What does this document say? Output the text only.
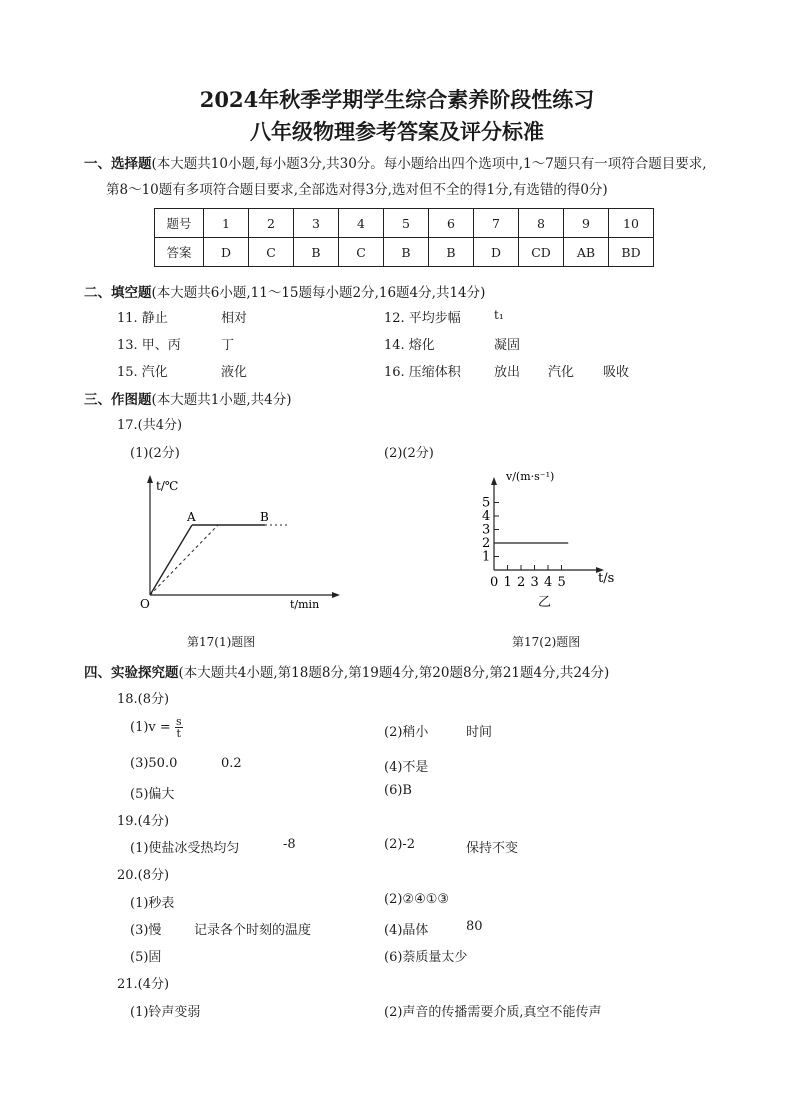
2024年秋季学期学生综合素养阶段性练习
八年级物理参考答案及评分标准
一、选择题(本大题共10小题,每小题3分,共30分。每小题给出四个选项中,1～7题只有一项符合题目要求,
第8～10题有多项符合题目要求,全部选对得3分,选对但不全的得1分,有选错的得0分)
题号	1	2	3	4	5	6	7	8	9	10
答案	D	C	B	C	B	B	D	CD	AB	BD
二、填空题(本大题共6小题,11～15题每小题2分,16题4分,共14分)
11. 静止	相对	12. 平均步幅	t₁
13. 甲、丙	丁	14. 熔化	凝固
15. 汽化	液化	16. 压缩体积	放出 汽化 吸收
三、作图题(本大题共1小题,共4分)
17.(共4分)
(1)(2分)	(2)(2分)
t/℃
t/min
O
A	B
v/(m·s⁻¹)
t/s
乙
1
2
3
4
5
0 1 2 3 4 5
第17(1)题图	第17(2)题图
四、实验探究题(本大题共4小题,第18题8分,第19题4分,第20题8分,第21题4分,共24分)
18.(8分)
$(1)v = \frac{s}{t}$	(2)稍小	时间
(3)50.0	0.2	(4)不是
(5)偏大	(6)B
19.(4分)
(1)使盐冰受热均匀	-8	(2)-2	保持不变
20.(8分)
(1)秒表	(2)②④①③
(3)慢	记录各个时刻的温度	(4)晶体	80
(5)固	(6)萘质量太少
21.(4分)
(1)铃声变弱	(2)声音的传播需要介质,真空不能传声
